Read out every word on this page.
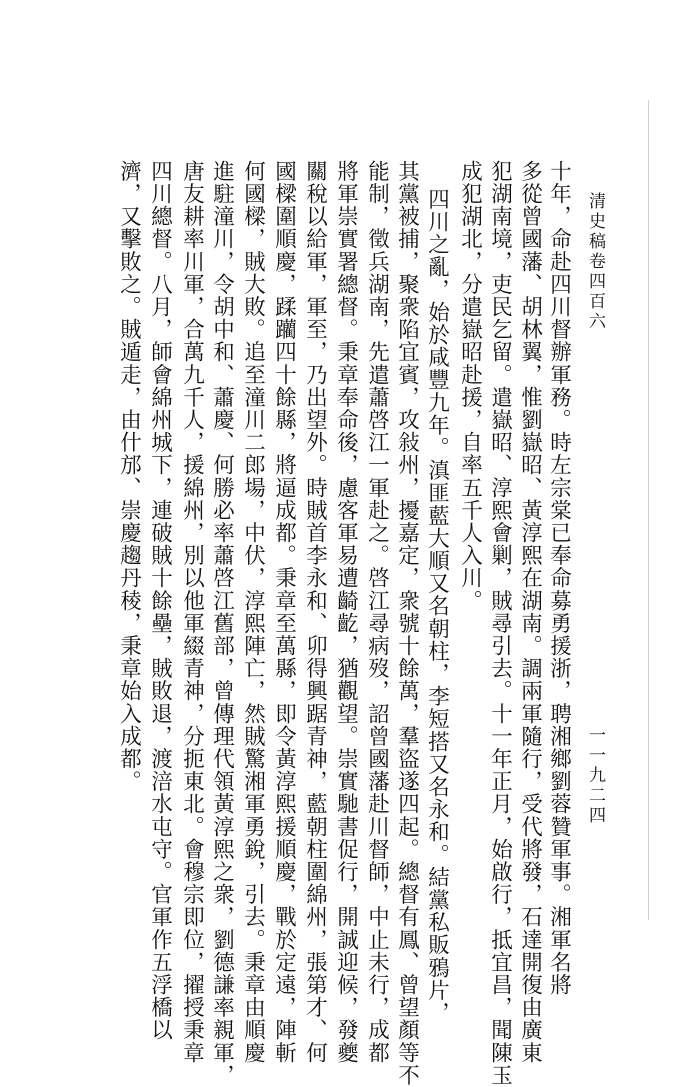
清史稿卷四百六
一一九二四
十年，命赴四川督辦軍務。時左宗棠已奉命募勇援浙，聘湘鄉劉蓉贊軍事。湘軍名將
多從曾國藩、胡林翼，惟劉嶽昭、黃淳熙在湖南。調兩軍隨行，受代將發，石達開復由廣東
犯湖南境，吏民乞留。遣嶽昭、淳熙會剿，賊尋引去。十一年正月，始啟行，抵宜昌，聞陳玉
成犯湖北，分遣嶽昭赴援，自率五千人入川。
四川之亂，始於咸豐九年。滇匪藍大順又名朝柱，李短搭又名永和。結黨私販鴉片，
其黨被捕，聚衆陷宜賓，攻敍州，擾嘉定，衆號十餘萬，羣盜遂四起。總督有鳳、曾望顏等不
能制，徵兵湖南，先遣蕭啓江一軍赴之。啓江尋病歿，詔曾國藩赴川督師，中止未行，成都
將軍崇實署總督。秉章奉命後，慮客軍易遭齮齕，猶觀望。崇實馳書促行，開誠迎候，發夔
關稅以給軍，軍至，乃出望外。時賊首李永和、卯得興踞青神，藍朝柱圍綿州，張第才、何
國樑圍順慶，蹂躪四十餘縣，將逼成都。秉章至萬縣，即令黃淳熙援順慶，戰於定遠，陣斬
何國樑，賊大敗。追至潼川二郎場，中伏，淳熙陣亡，然賊驚湘軍勇銳，引去。秉章由順慶
進駐潼川，令胡中和、蕭慶、何勝必率蕭啓江舊部，曾傳理代領黃淳熙之衆，劉德謙率親軍，
唐友耕率川軍，合萬九千人，援綿州，別以他軍綴青神，分扼東北。會穆宗即位，擢授秉章
四川總督。八月，師會綿州城下，連破賊十餘壘，賊敗退，渡涪水屯守。官軍作五浮橋以
濟，又擊敗之。賊遁走，由什邡、崇慶趨丹稜，秉章始入成都。
